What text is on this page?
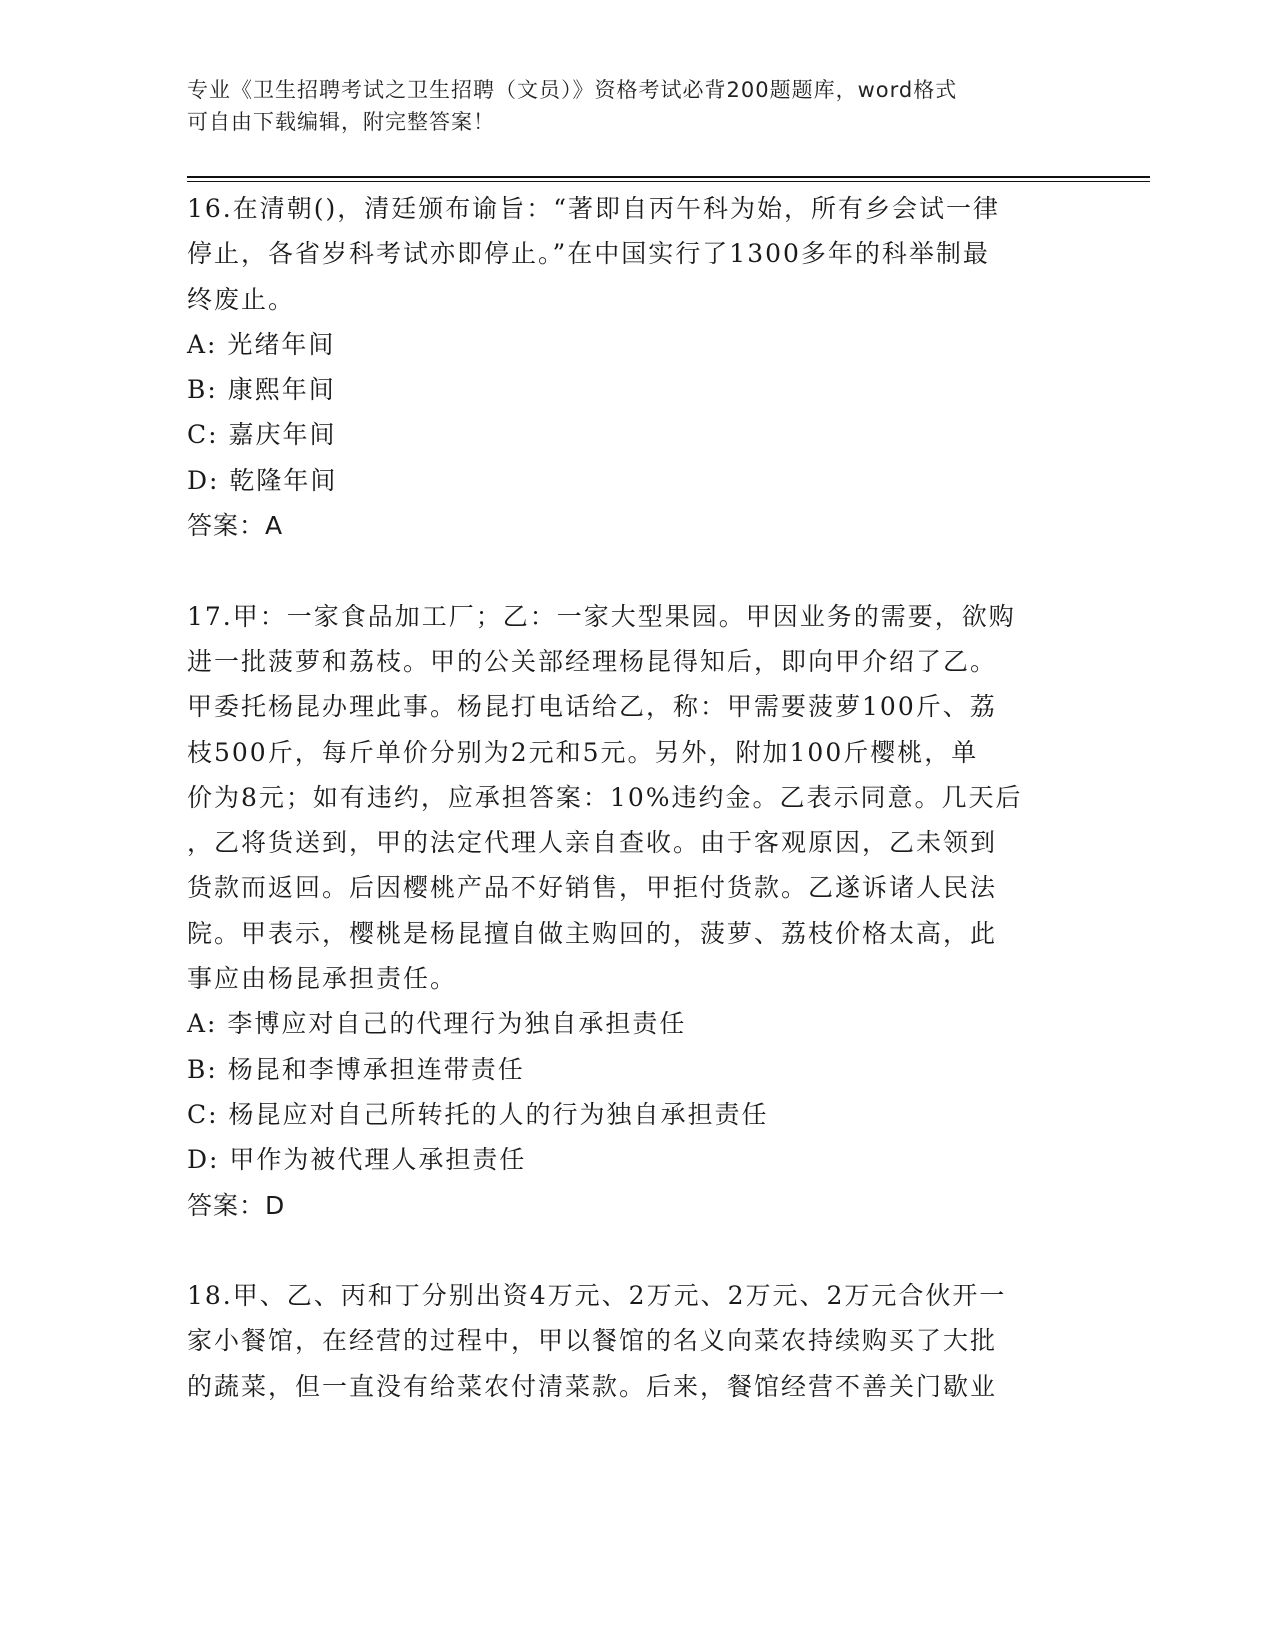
专业《卫生招聘考试之卫生招聘（文员）》资格考试必背200题题库，word格式
可自由下载编辑，附完整答案！
16.在清朝()，清廷颁布谕旨：“著即自丙午科为始，所有乡会试一律
停止，各省岁科考试亦即停止。”在中国实行了1300多年的科举制最
终废止。
A: 光绪年间
B: 康熙年间
C: 嘉庆年间
D: 乾隆年间
答案：A
17.甲：一家食品加工厂；乙：一家大型果园。甲因业务的需要，欲购
进一批菠萝和荔枝。甲的公关部经理杨昆得知后，即向甲介绍了乙。
甲委托杨昆办理此事。杨昆打电话给乙，称：甲需要菠萝100斤、荔
枝500斤，每斤单价分别为2元和5元。另外，附加100斤樱桃，单
价为8元；如有违约，应承担答案：10%违约金。乙表示同意。几天后
，乙将货送到，甲的法定代理人亲自查收。由于客观原因，乙未领到
货款而返回。后因樱桃产品不好销售，甲拒付货款。乙遂诉诸人民法
院。甲表示，樱桃是杨昆擅自做主购回的，菠萝、荔枝价格太高，此
事应由杨昆承担责任。
A: 李博应对自己的代理行为独自承担责任
B: 杨昆和李博承担连带责任
C: 杨昆应对自己所转托的人的行为独自承担责任
D: 甲作为被代理人承担责任
答案：D
18.甲、乙、丙和丁分别出资4万元、2万元、2万元、2万元合伙开一
家小餐馆，在经营的过程中，甲以餐馆的名义向菜农持续购买了大批
的蔬菜，但一直没有给菜农付清菜款。后来，餐馆经营不善关门歇业
